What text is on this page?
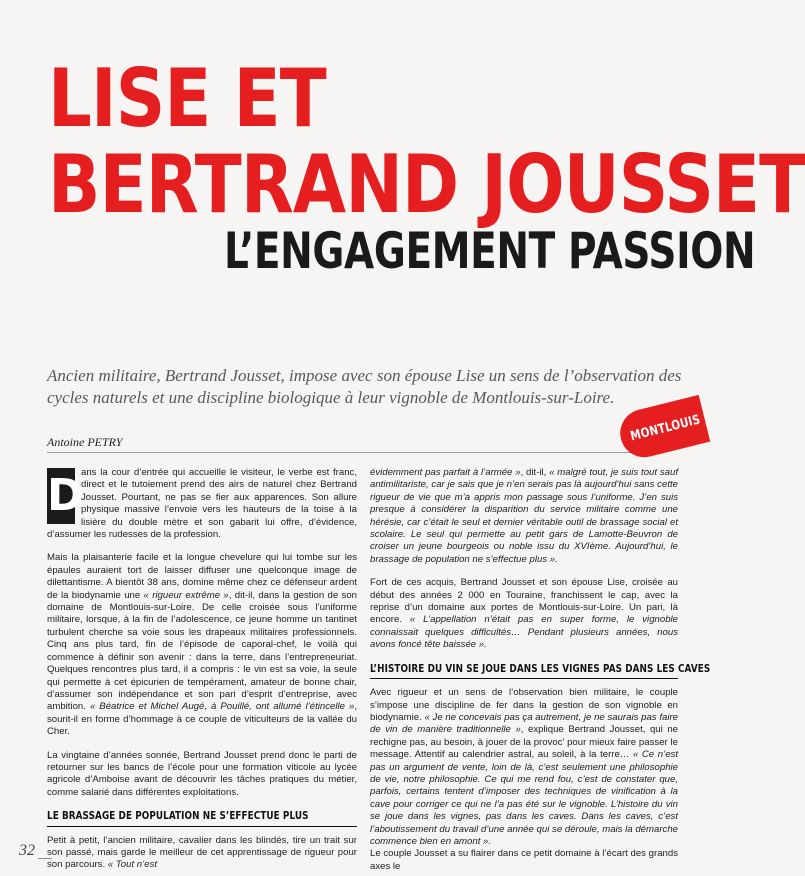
LISE ET
BERTRAND JOUSSET
L’ENGAGEMENT PASSION
Ancien militaire, Bertrand Jousset, impose avec son épouse Lise un sens de l’observation des cycles naturels et une discipline biologique à leur vignoble de Montlouis-sur-Loire.
Antoine PETRY	MONTLOUIS

D
ans la cour d’entrée qui accueille le visiteur, le verbe est franc, direct et le tutoiement prend des airs de naturel chez Bertrand Jousset. Pourtant, ne pas se fier aux apparences. Son allure physique massive l’envoie vers les hauteurs de la toise à la lisière du double mètre et son gabarit lui offre, d’évidence, d’assumer les rudesses de la profession.

Mais la plaisanterie facile et la longue chevelure qui lui tombe sur les épaules auraient tort de laisser diffuser une quelconque image de dilettantisme. A bientôt 38 ans, domine même chez ce défenseur ardent de la biodynamie une « rigueur extrême », dit-il, dans la gestion de son domaine de Montlouis-sur-Loire. De celle croisée sous l’uniforme militaire, lorsque, à la fin de l’adolescence, ce jeune homme un tantinet turbulent cherche sa voie sous les drapeaux militaires professionnels. Cinq ans plus tard, fin de l’épisode de caporal-chef, le voilà qui commence à définir son avenir : dans la terre, dans l’entrepreneuriat. Quelques rencontres plus tard, il a compris : le vin est sa voie, la seule qui permette à cet épicurien de tempérament, amateur de bonne chair, d’assumer son indépendance et son pari d’esprit d’entreprise, avec ambition. « Béatrice et Michel Augé, à Pouillé, ont allumé l’étincelle », sourit-il en forme d’hommage à ce couple de viticulteurs de la vallée du Cher.

La vingtaine d’années sonnée, Bertrand Jousset prend donc le parti de retourner sur les bancs de l’école pour une formation viticole au lycée agricole d’Amboise avant de découvrir les tâches pratiques du métier, comme salarié dans différentes exploitations.

LE BRASSAGE DE POPULATION NE S’EFFECTUE PLUS

Petit à petit, l’ancien militaire, cavalier dans les blindés, tire un trait sur son passé, mais garde le meilleur de cet apprentissage de rigueur pour son parcours. « Tout n’est

évidemment pas parfait à l’armée », dit-il, « malgré tout, je suis tout sauf antimilitariste, car je sais que je n’en serais pas là aujourd’hui sans cette rigueur de vie que m’a appris mon passage sous l’uniforme. J’en suis presque à considérer la disparition du service militaire comme une hérésie, car c’était le seul et dernier véritable outil de brassage social et scolaire. Le seul qui permette au petit gars de Lamotte-Beuvron de croiser un jeune bourgeois ou noble issu du XVIème. Aujourd’hui, le brassage de population ne s’effectue plus ».

Fort de ces acquis, Bertrand Jousset et son épouse Lise, croisée au début des années 2 000 en Touraine, franchissent le cap, avec la reprise d’un domaine aux portes de Montlouis-sur-Loire. Un pari, là encore. « L’appellation n’était pas en super forme, le vignoble connaissait quelques difficultés… Pendant plusieurs années, nous avons foncé tête baissée ».

L’HISTOIRE DU VIN SE JOUE DANS LES VIGNES PAS DANS LES CAVES

Avec rigueur et un sens de l’observation bien militaire, le couple s’impose une discipline de fer dans la gestion de son vignoble en biodynamie. « Je ne concevais pas ça autrement, je ne saurais pas faire de vin de manière traditionnelle », explique Bertrand Jousset, qui ne rechigne pas, au besoin, à jouer de la provoc’ pour mieux faire passer le message. Attentif au calendrier astral, au soleil, à la terre… « Ce n’est pas un argument de vente, loin de là, c’est seulement une philosophie de vie, notre philosophie. Ce qui me rend fou, c’est de constater que, parfois, certains tentent d’imposer des techniques de vinification à la cave pour corriger ce qui ne l’a pas été sur le vignoble. L’histoire du vin se joue dans les vignes, pas dans les caves. Dans les caves, c’est l’aboutissement du travail d’une année qui se déroule, mais la démarche commence bien en amont ».

Le couple Jousset a su flairer dans ce petit domaine à l’écart des grands axes le

32
